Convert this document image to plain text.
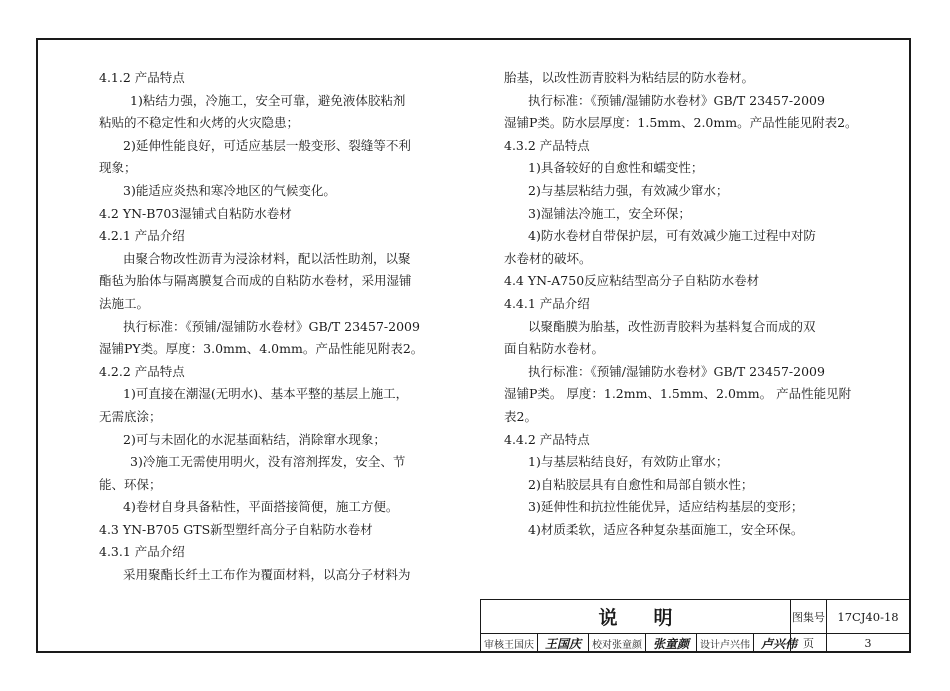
4.1.2 产品特点
1)粘结力强，冷施工，安全可靠，避免液体胶粘剂
粘贴的不稳定性和火烤的火灾隐患；
2)延伸性能良好，可适应基层一般变形、裂缝等不利
现象；
3)能适应炎热和寒冷地区的气候变化。
4.2 YN-B703湿铺式自粘防水卷材
4.2.1 产品介绍
由聚合物改性沥青为浸涂材料，配以活性助剂，以聚
酯毡为胎体与隔离膜复合而成的自粘防水卷材，采用湿铺
法施工。
执行标准：《预铺/湿铺防水卷材》GB/T 23457-2009
湿铺PY类。厚度：3.0mm、4.0mm。产品性能见附表2。
4.2.2 产品特点
1)可直接在潮湿(无明水)、基本平整的基层上施工，
无需底涂；
2)可与未固化的水泥基面粘结，消除窜水现象；
3)冷施工无需使用明火，没有溶剂挥发，安全、节
能、环保；
4)卷材自身具备粘性，平面搭接简便，施工方便。
4.3 YN-B705 GTS新型塑纤高分子自粘防水卷材
4.3.1 产品介绍
采用聚酯长纤土工布作为覆面材料，以高分子材料为
胎基，以改性沥青胶料为粘结层的防水卷材。
执行标准：《预铺/湿铺防水卷材》GB/T 23457-2009
湿铺P类。防水层厚度：1.5mm、2.0mm。产品性能见附表2。
4.3.2 产品特点
1)具备较好的自愈性和蠕变性；
2)与基层粘结力强，有效减少窜水；
3)湿铺法冷施工，安全环保；
4)防水卷材自带保护层，可有效减少施工过程中对防
水卷材的破坏。
4.4 YN-A750反应粘结型高分子自粘防水卷材
4.4.1 产品介绍
以聚酯膜为胎基，改性沥青胶料为基料复合而成的双
面自粘防水卷材。
执行标准：《预铺/湿铺防水卷材》GB/T 23457-2009
湿铺P类。 厚度：1.2mm、1.5mm、2.0mm。 产品性能见附
表2。
4.4.2 产品特点
1)与基层粘结良好，有效防止窜水；
2)自粘胶层具有自愈性和局部自锁水性；
3)延伸性和抗拉性能优异，适应结构基层的变形；
4)材质柔软，适应各种复杂基面施工，安全环保。
说明	图集号	17CJ40-18
页	3
审核 王国庆 王国庆 校对 张童颜 张童颜 设计 卢兴伟 卢兴伟
